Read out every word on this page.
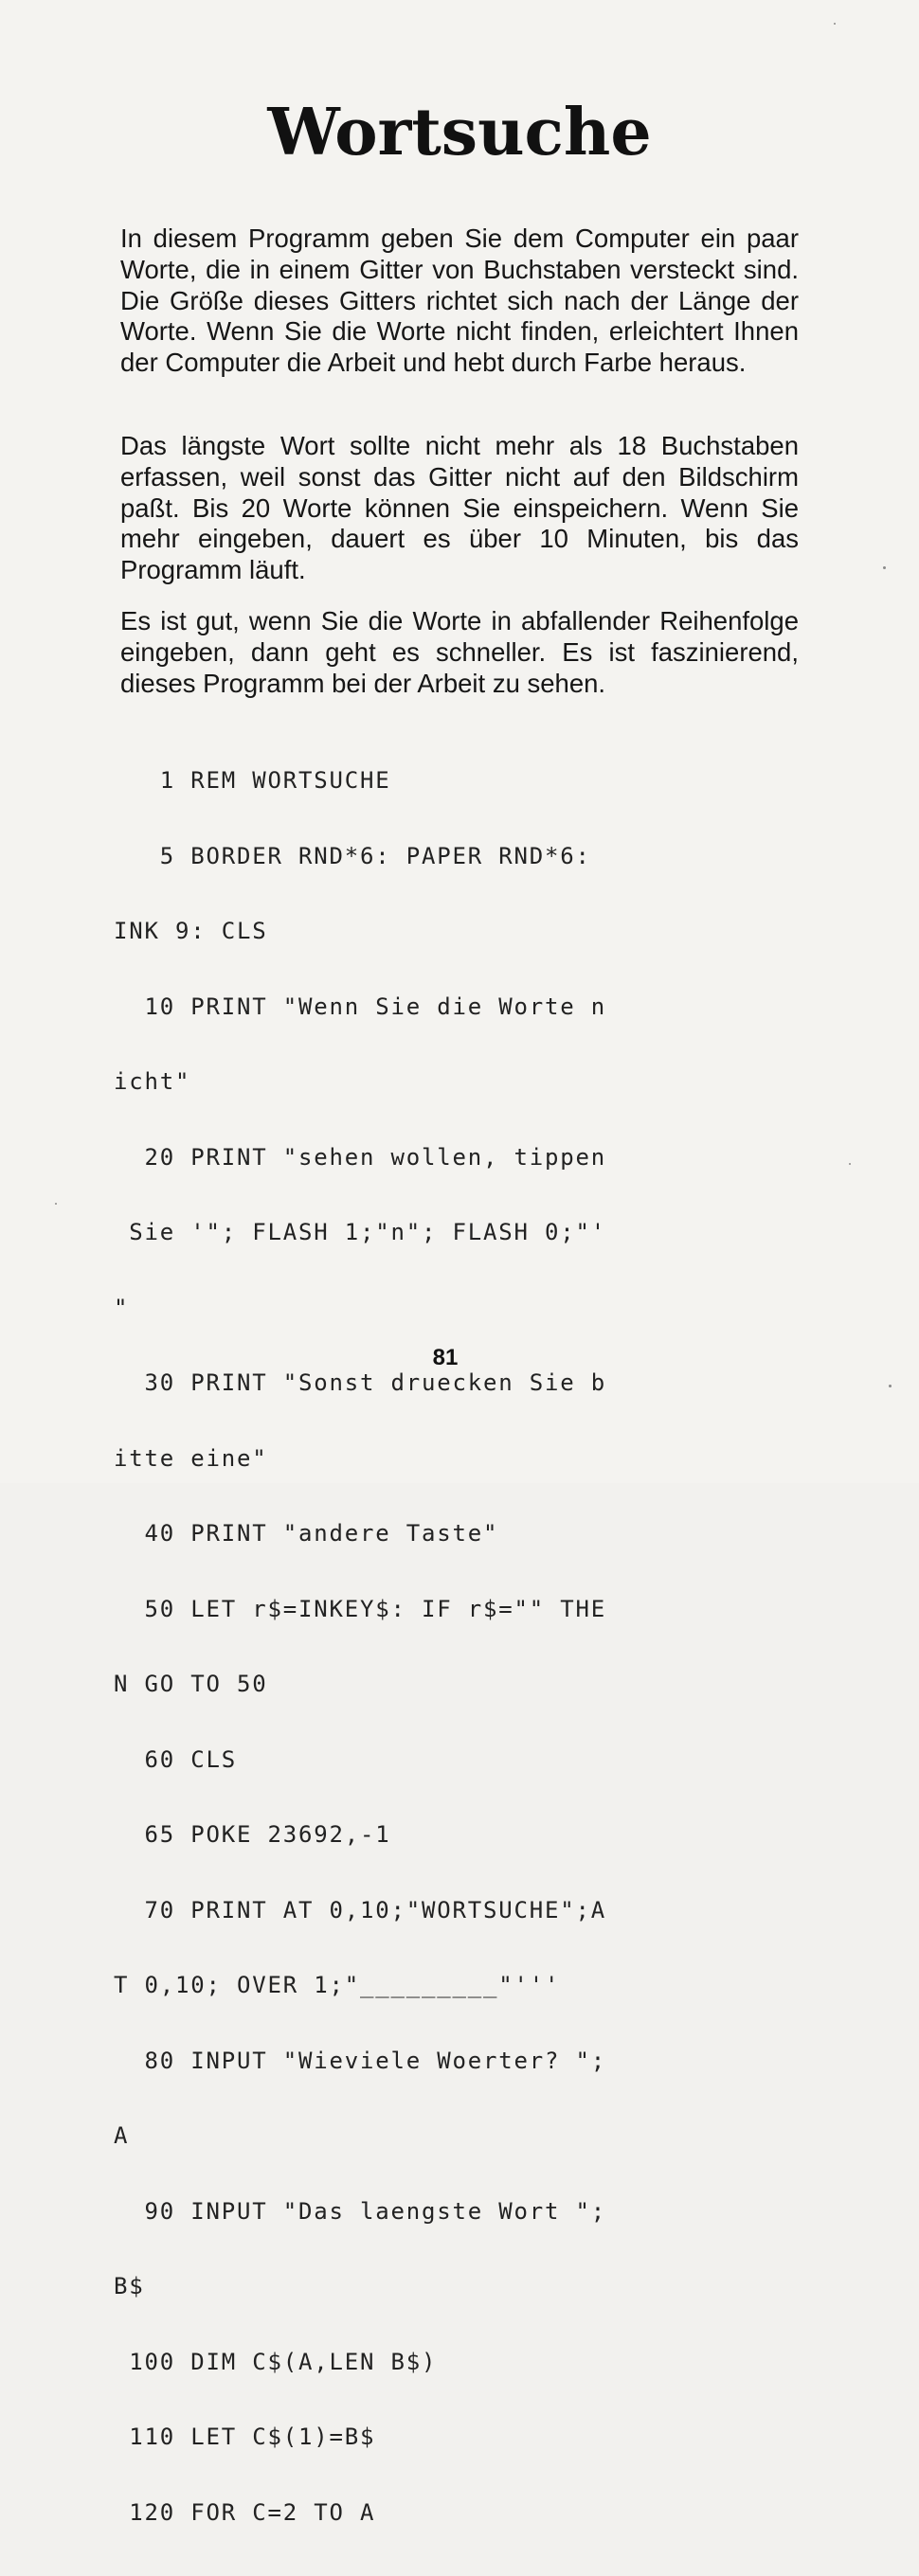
Wortsuche

In diesem Programm geben Sie dem Computer ein paar Worte, die in einem Gitter von Buchstaben versteckt sind. Die Größe dieses Gitters richtet sich nach der Länge der Worte. Wenn Sie die Worte nicht finden, erleichtert Ihnen der Computer die Arbeit und hebt durch Farbe heraus.

Das längste Wort sollte nicht mehr als 18 Buchstaben erfassen, weil sonst das Gitter nicht auf den Bildschirm paßt. Bis 20 Worte können Sie einspeichern. Wenn Sie mehr eingeben, dauert es über 10 Minuten, bis das Programm läuft.

Es ist gut, wenn Sie die Worte in abfallender Reihenfolge eingeben, dann geht es schneller. Es ist faszinierend, dieses Programm bei der Arbeit zu sehen.

1 REM WORTSUCHE

5 BORDER RND*6: PAPER RND*6:

INK 9: CLS

10 PRINT "Wenn Sie die Worte n

icht"

20 PRINT "sehen wollen, tippen

Sie '"; FLASH 1;"n"; FLASH 0;"'

"

30 PRINT "Sonst druecken Sie b

itte eine"

40 PRINT "andere Taste"

50 LET r$=INKEY$: IF r$="" THE

N GO TO 50

60 CLS

65 POKE 23692,-1

70 PRINT AT 0,10;"WORTSUCHE";A

T 0,10; OVER 1;"_________"'''

80 INPUT "Wieviele Woerter? ";

A

90 INPUT "Das laengste Wort ";

B$

100 DIM C$(A,LEN B$)

110 LET C$(1)=B$

120 FOR C=2 TO A

81
